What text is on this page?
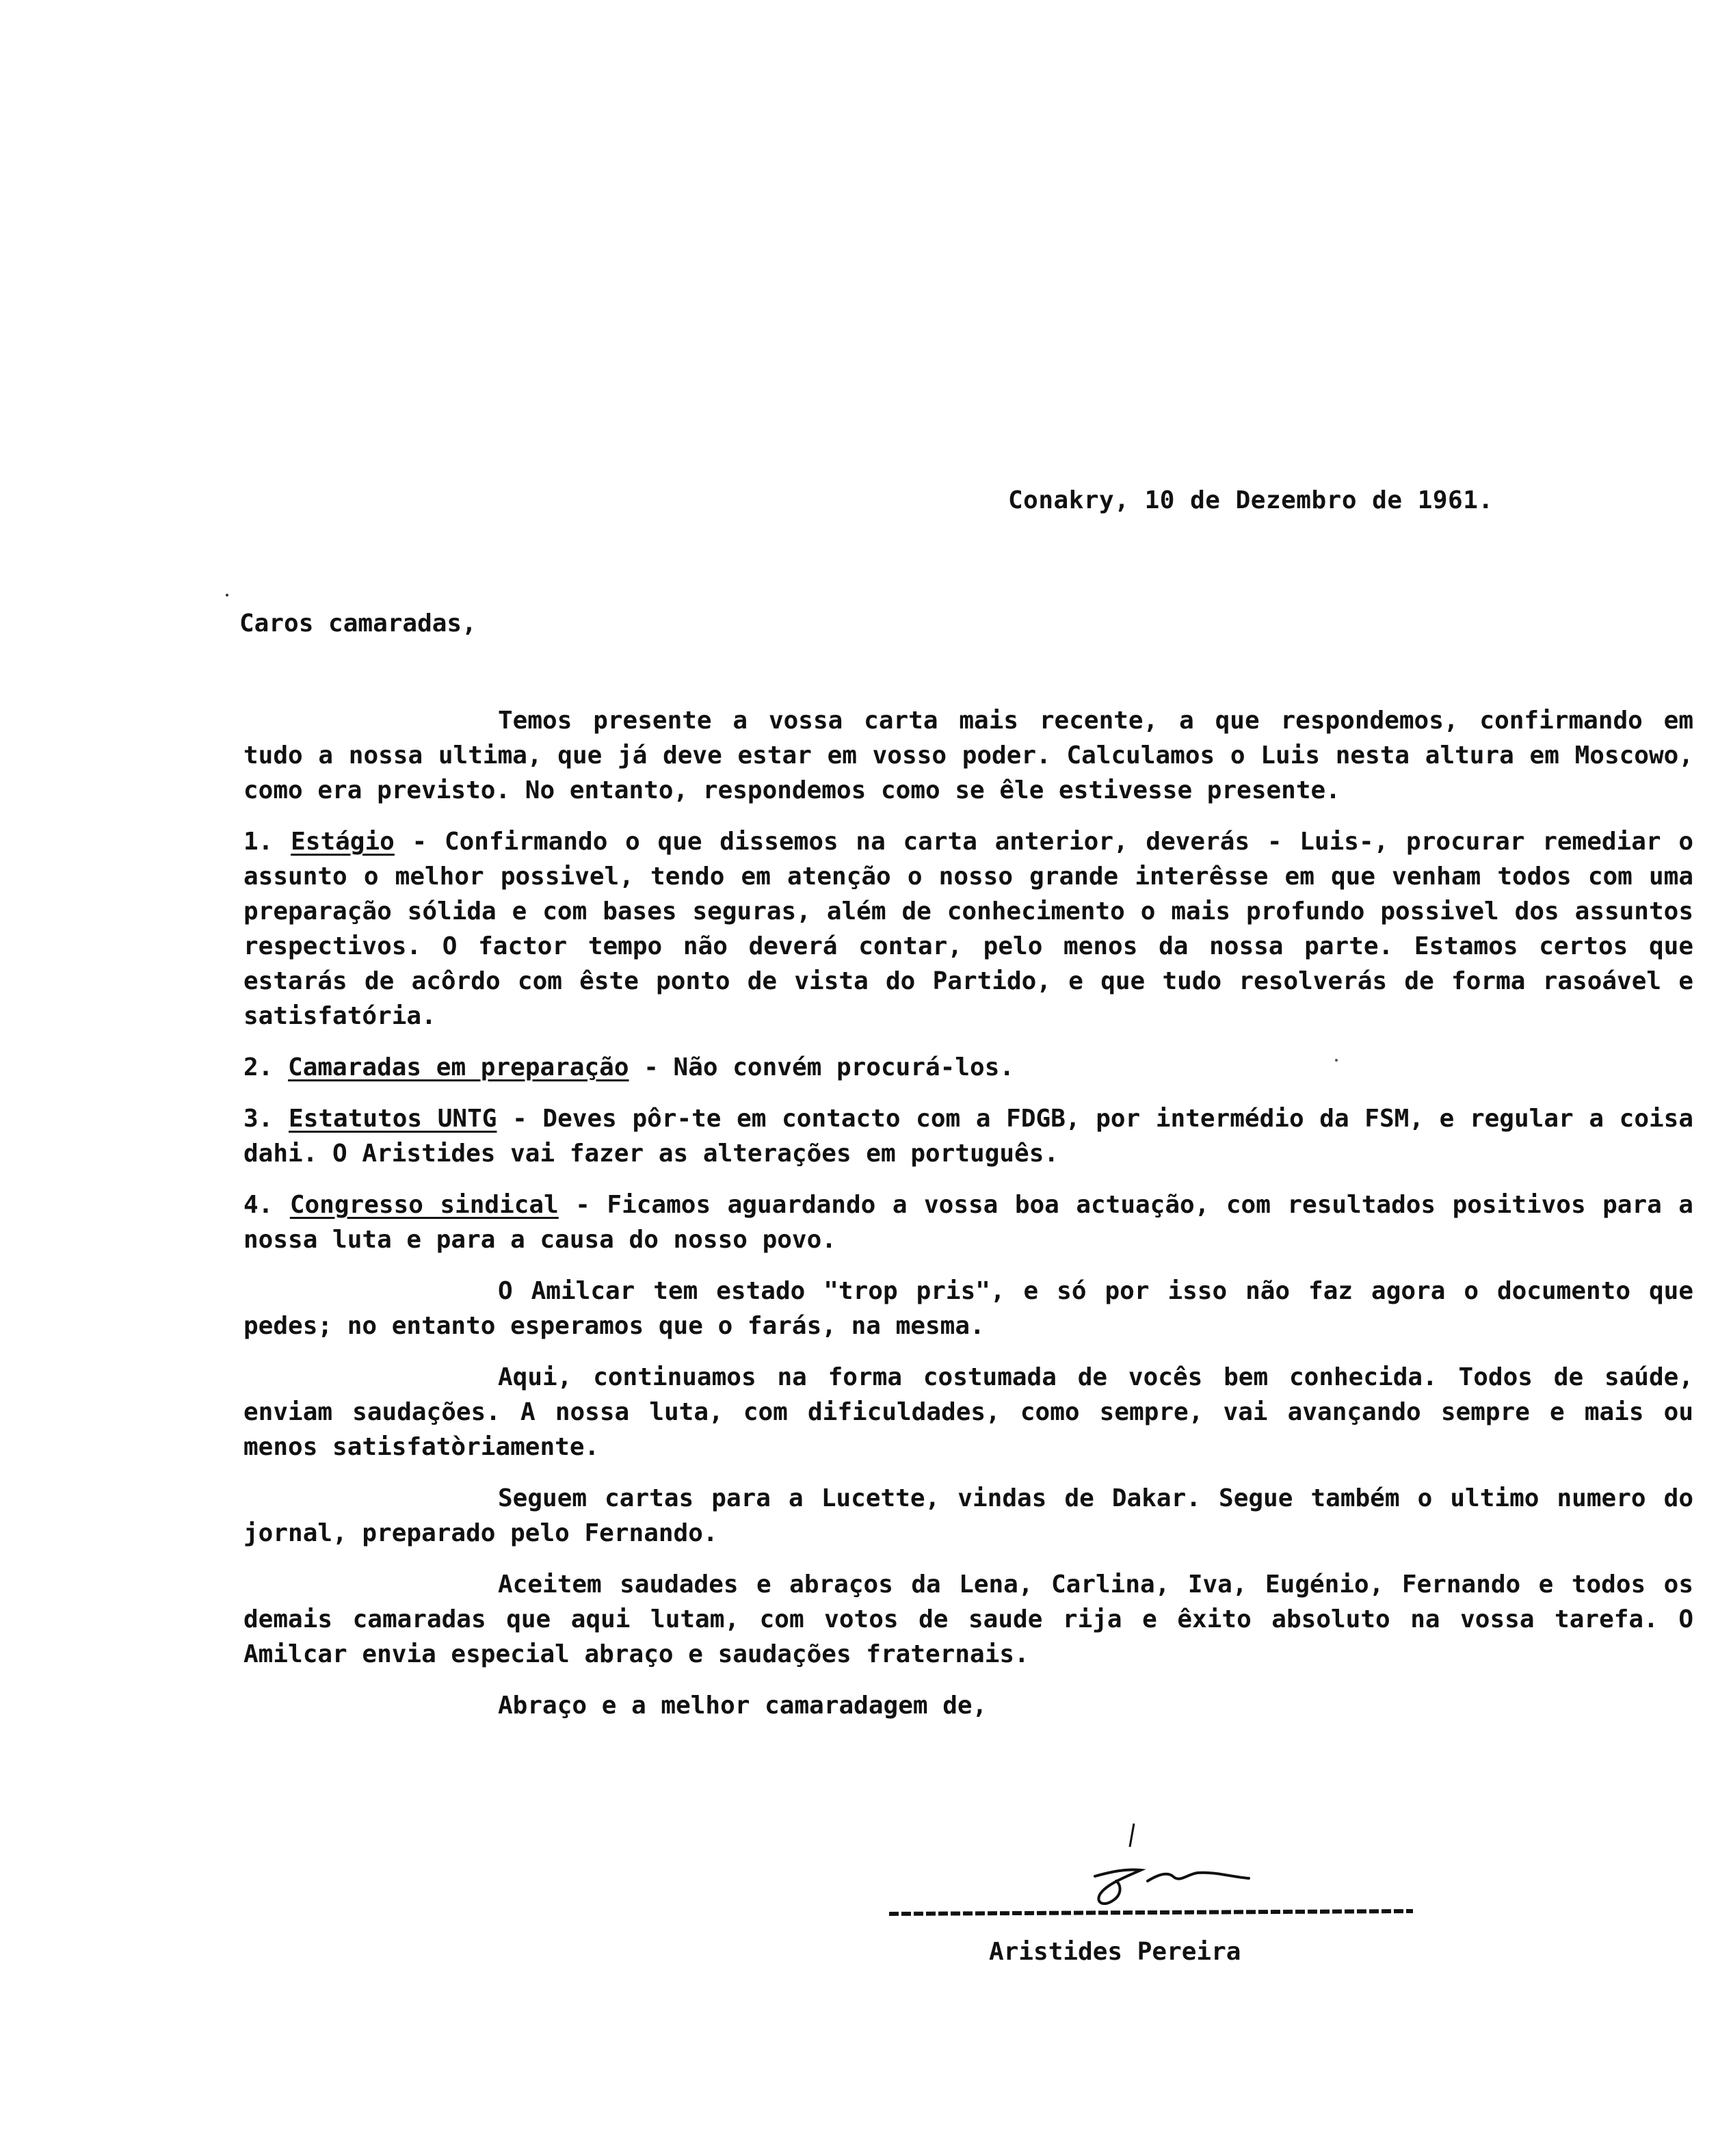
Conakry, 10 de Dezembro de 1961.
Caros camaradas,

Temos presente a vossa carta mais recente, a que respondemos, confirmando em tudo a nossa ultima, que já deve estar em vosso poder. Calculamos o Luis nesta altura em Moscowo, como era previsto. No entanto, respondemos como se êle estivesse presente.

1. Estágio - Confirmando o que dissemos na carta anterior, deverás - Luis-, procurar remediar o assunto o melhor possivel, tendo em atenção o nosso grande interêsse em que venham todos com uma preparação sólida e com bases seguras, além de conhecimento o mais profundo possivel dos assuntos respectivos. O factor tempo não deverá contar, pelo menos da nossa parte. Estamos certos que estarás de acôrdo com êste ponto de vista do Partido, e que tudo resolverás de forma rasoável e satisfatória.

2. Camaradas em preparação - Não convém procurá-los.

3. Estatutos UNTG - Deves pôr-te em contacto com a FDGB, por intermédio da FSM, e regular a coisa dahi. O Aristides vai fazer as alterações em português.

4. Congresso sindical - Ficamos aguardando a vossa boa actuação, com resultados positivos para a nossa luta e para a causa do nosso povo.

O Amilcar tem estado "trop pris", e só por isso não faz agora o documento que pedes; no entanto esperamos que o farás, na mesma.

Aqui, continuamos na forma costumada de vocês bem conhecida. Todos de saúde, enviam saudações. A nossa luta, com dificuldades, como sempre, vai avançando sempre e mais ou menos satisfatòriamente.

Seguem cartas para a Lucette, vindas de Dakar. Segue também o ultimo numero do jornal, preparado pelo Fernando.

Aceitem saudades e abraços da Lena, Carlina, Iva, Eugénio, Fernando e todos os demais camaradas que aqui lutam, com votos de saude rija e êxito absoluto na vossa tarefa. O Amilcar envia especial abraço e saudações fraternais.

Abraço e a melhor camaradagem de,

Aristides Pereira
